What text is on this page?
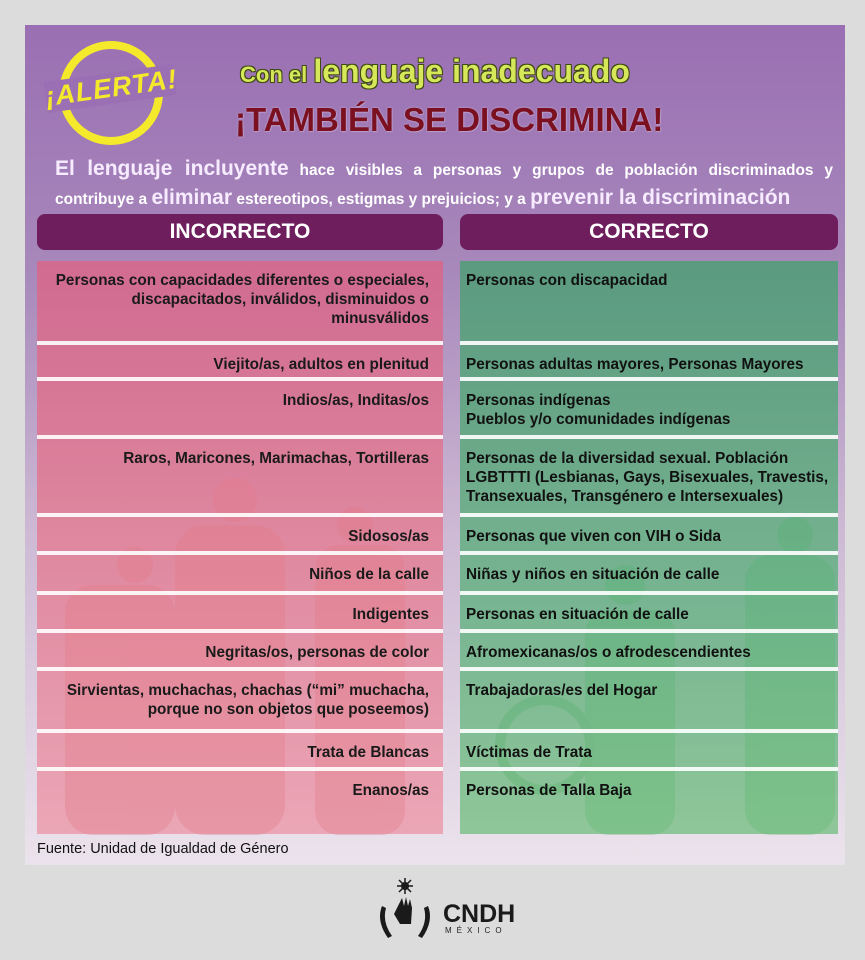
¡ALERTA!	Con el lenguaje inadecuado
¡TAMBIÉN SE DISCRIMINA!
El lenguaje incluyente hace visibles a personas y grupos de población discriminados y contribuye a eliminar estereotipos, estigmas y prejuicios; y a prevenir la discriminación
INCORRECTO	CORRECTO
Personas con capacidades diferentes o especiales, discapacitados, inválidos, disminuidos o minusválidos
Viejito/as, adultos en plenitud
Indios/as, Inditas/os
Raros, Maricones, Marimachas, Tortilleras
Sidosos/as
Niños de la calle
Indigentes
Negritas/os, personas de color
Sirvientas, muchachas, chachas (“mi” muchacha, porque no son objetos que poseemos)
Trata de Blancas
Enanos/as
Personas con discapacidad
Personas adultas mayores, Personas Mayores
Personas indígenas
Pueblos y/o comunidades indígenas
Personas de la diversidad sexual. Población LGBTTTI (Lesbianas, Gays, Bisexuales, Travestis, Transexuales, Transgénero e Intersexuales)
Personas que viven con VIH o Sida
Niñas y niños en situación de calle
Personas en situación de calle
Afromexicanas/os o afrodescendientes
Trabajadoras/es del Hogar
Víctimas de Trata
Personas de Talla Baja
Fuente: Unidad de Igualdad de Género
CNDH
MÉXICO
